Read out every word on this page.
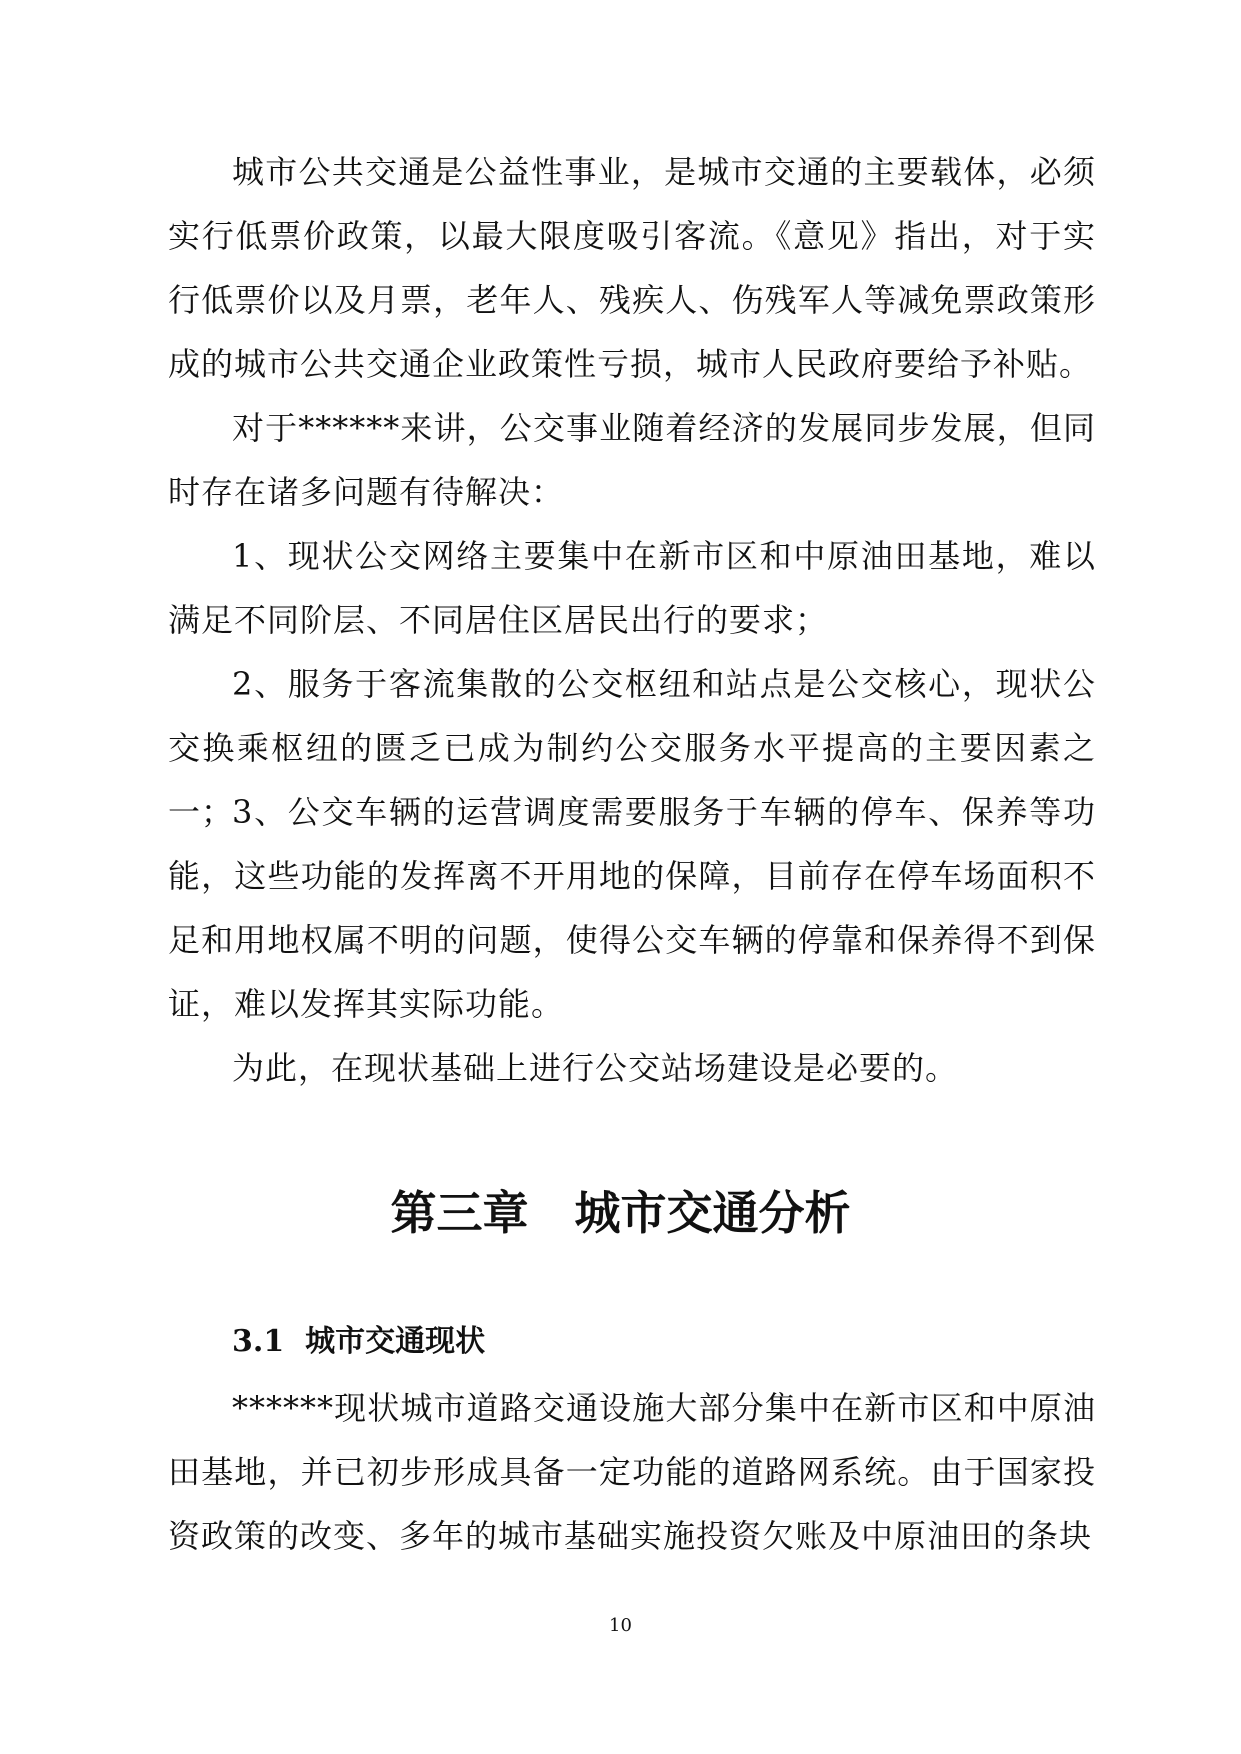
城市公共交通是公益性事业，是城市交通的主要载体，必须实行低票价政策，以最大限度吸引客流。《意见》指出，对于实行低票价以及月票，老年人、残疾人、伤残军人等减免票政策形成的城市公共交通企业政策性亏损，城市人民政府要给予补贴。

对于******来讲，公交事业随着经济的发展同步发展，但同时存在诸多问题有待解决：

1、现状公交网络主要集中在新市区和中原油田基地，难以满足不同阶层、不同居住区居民出行的要求；

2、服务于客流集散的公交枢纽和站点是公交核心，现状公交换乘枢纽的匮乏已成为制约公交服务水平提高的主要因素之一；

3、公交车辆的运营调度需要服务于车辆的停车、保养等功能，这些功能的发挥离不开用地的保障，目前存在停车场面积不足和用地权属不明的问题，使得公交车辆的停靠和保养得不到保证，难以发挥其实际功能。

为此，在现状基础上进行公交站场建设是必要的。

第三章　城市交通分析
3.1  城市交通现状

******现状城市道路交通设施大部分集中在新市区和中原油田基地，并已初步形成具备一定功能的道路网系统。由于国家投资政策的改变、多年的城市基础实施投资欠账及中原油田的条块

10
